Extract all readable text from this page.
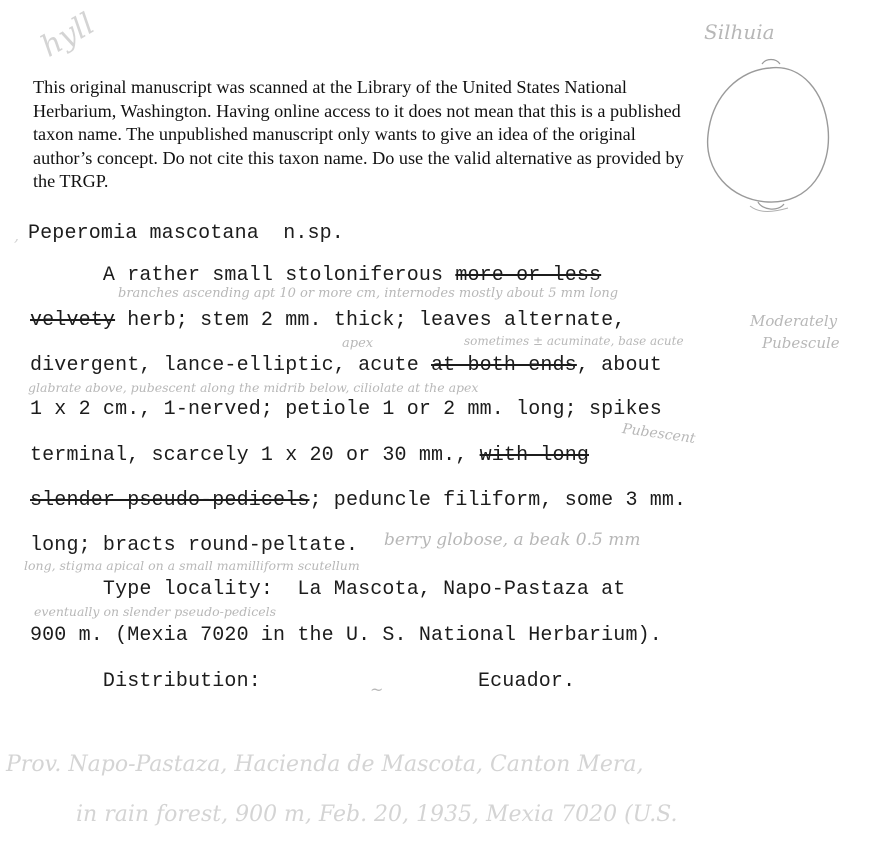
hyll	Silhuia
This original manuscript was scanned at the Library of the United States National Herbarium, Washington. Having online access to it does not mean that this is a published taxon name. The unpublished manuscript only wants to give an idea of the original author’s concept. Do not cite this taxon name. Do use the valid alternative as provided by the TRGP.
Peperomia mascotana  n.sp.
,
A rather small stoloniferous more or less
branches ascending apt 10 or more cm, internodes mostly about 5 mm long
velvety herb; stem 2 mm. thick; leaves alternate,	Moderately
Pubescule
apex	sometimes ± acuminate, base acute
divergent, lance-elliptic, acute at both ends, about
glabrate above, pubescent along the midrib below, ciliolate at the apex
1 x 2 cm., 1-nerved; petiole 1 or 2 mm. long; spikes
Pubescent
terminal, scarcely 1 x 20 or 30 mm., with long
slender pseudo-pedicels; peduncle filiform, some 3 mm.
long; bracts round-peltate. berry globose, a beak 0.5 mm
long, stigma apical on a small mamilliform scutellum
Type locality:  La Mascota, Napo-Pastaza at
eventually on slender pseudo-pedicels
900 m. (Mexia 7020 in the U. S. National Herbarium).
Distribution:	Ecuador.
~
Prov. Napo-Pastaza, Hacienda de Mascota, Canton Mera,
in rain forest, 900 m, Feb. 20, 1935, Mexia 7020 (U.S.
